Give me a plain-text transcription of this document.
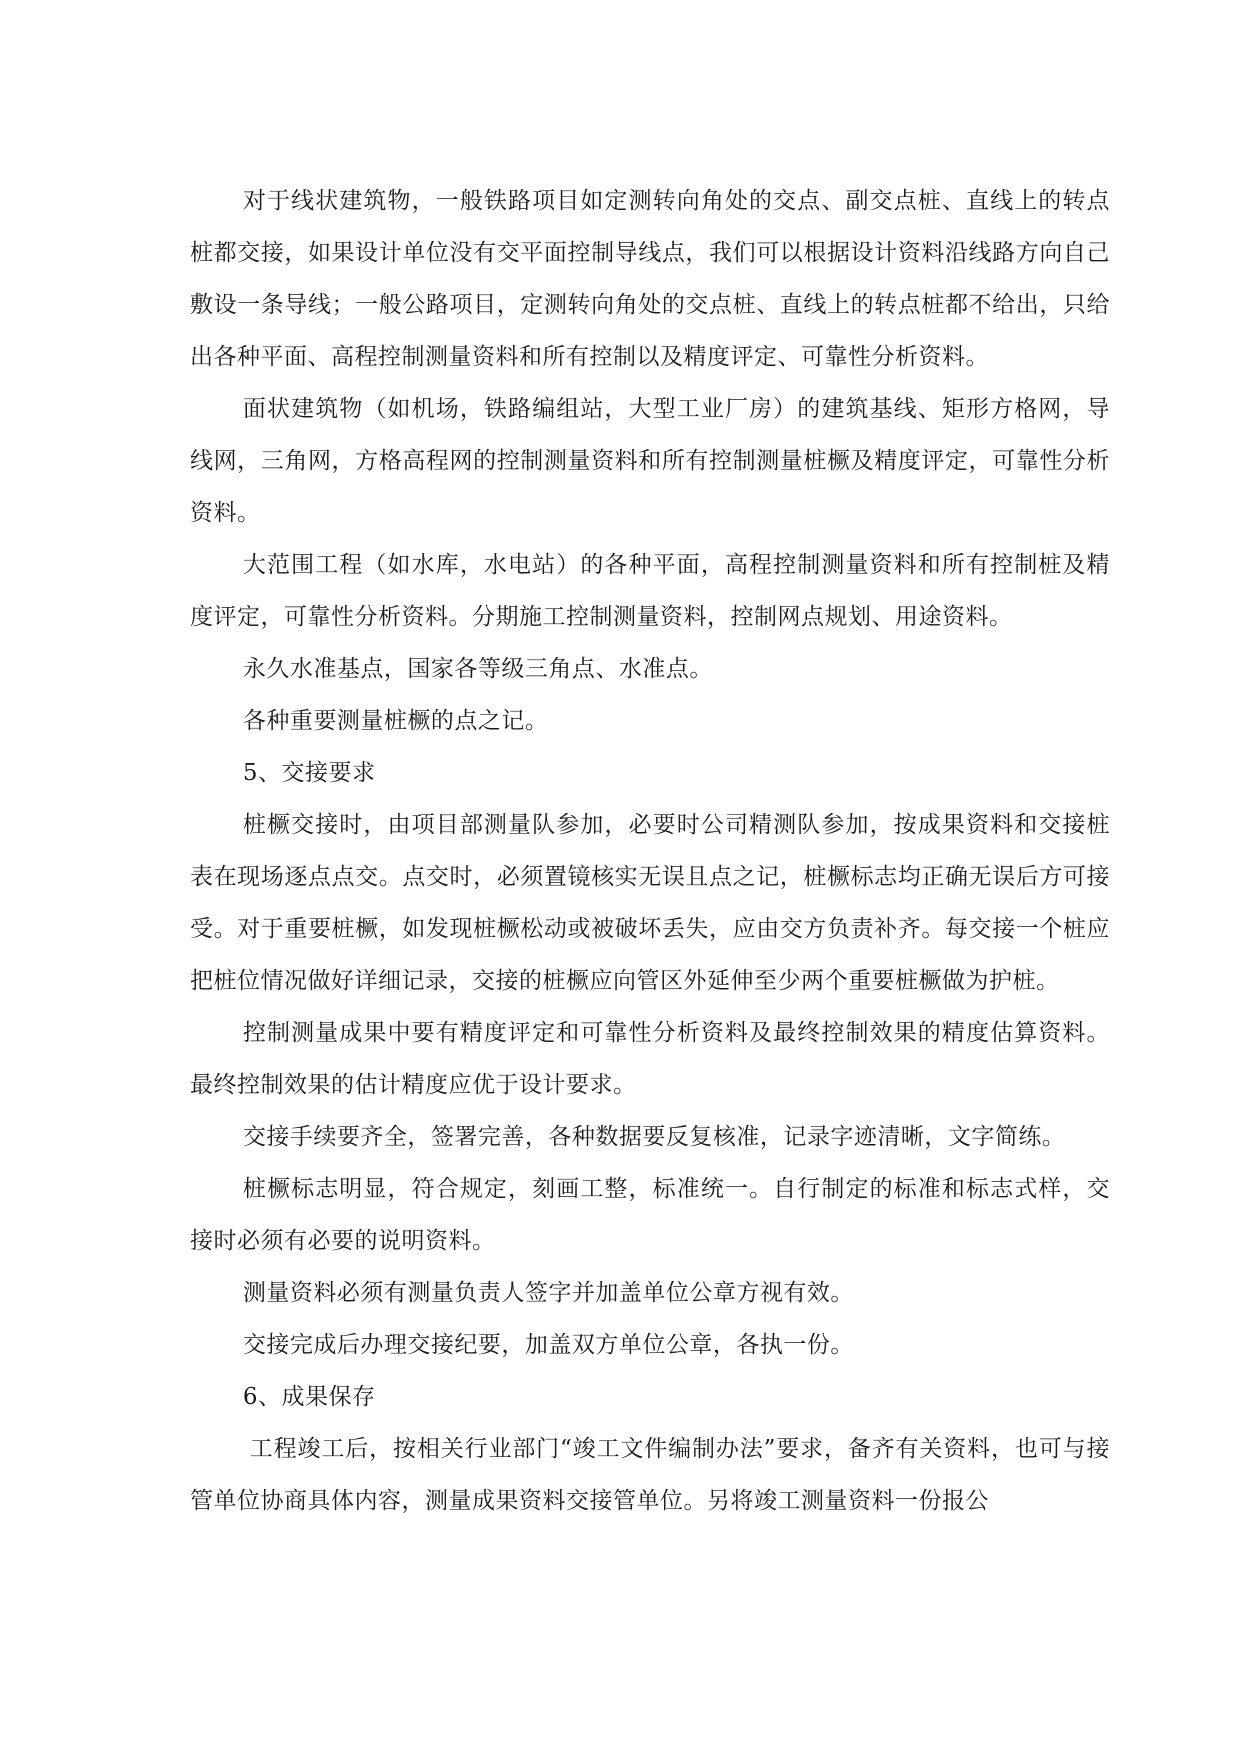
对于线状建筑物，一般铁路项目如定测转向角处的交点、副交点桩、直线上的转点桩都交接，如果设计单位没有交平面控制导线点，我们可以根据设计资料沿线路方向自己敷设一条导线；一般公路项目，定测转向角处的交点桩、直线上的转点桩都不给出，只给出各种平面、高程控制测量资料和所有控制以及精度评定、可靠性分析资料。

面状建筑物（如机场，铁路编组站，大型工业厂房）的建筑基线、矩形方格网，导线网，三角网，方格高程网的控制测量资料和所有控制测量桩橛及精度评定，可靠性分析资料。

大范围工程（如水库，水电站）的各种平面，高程控制测量资料和所有控制桩及精度评定，可靠性分析资料。分期施工控制测量资料，控制网点规划、用途资料。

永久水准基点，国家各等级三角点、水准点。

各种重要测量桩橛的点之记。

5、交接要求

桩橛交接时，由项目部测量队参加，必要时公司精测队参加，按成果资料和交接桩表在现场逐点点交。点交时，必须置镜核实无误且点之记，桩橛标志均正确无误后方可接受。对于重要桩橛，如发现桩橛松动或被破坏丢失，应由交方负责补齐。每交接一个桩应把桩位情况做好详细记录，交接的桩橛应向管区外延伸至少两个重要桩橛做为护桩。

控制测量成果中要有精度评定和可靠性分析资料及最终控制效果的精度估算资料。最终控制效果的估计精度应优于设计要求。

交接手续要齐全，签署完善，各种数据要反复核准，记录字迹清晰，文字简练。

桩橛标志明显，符合规定，刻画工整，标准统一。自行制定的标准和标志式样，交接时必须有必要的说明资料。

测量资料必须有测量负责人签字并加盖单位公章方视有效。

交接完成后办理交接纪要，加盖双方单位公章，各执一份。

6、成果保存

工程竣工后，按相关行业部门“竣工文件编制办法”要求，备齐有关资料，也可与接管单位协商具体内容，测量成果资料交接管单位。另将竣工测量资料一份报公
